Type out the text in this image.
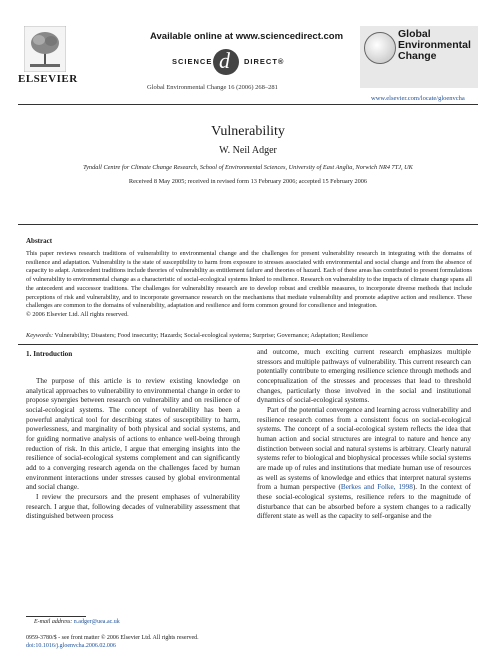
ELSEVIER
Available online at www.sciencedirect.com
SCIENCE d DIRECT®
Global Environmental Change 16 (2006) 268–281
Global
Environmental
Change
www.elsevier.com/locate/gloenvcha
Vulnerability
W. Neil Adger
Tyndall Centre for Climate Change Research, School of Environmental Sciences, University of East Anglia, Norwich NR4 7TJ, UK
Received 8 May 2005; received in revised form 13 February 2006; accepted 15 February 2006
Abstract
This paper reviews research traditions of vulnerability to environmental change and the challenges for present vulnerability research in integrating with the domains of resilience and adaptation. Vulnerability is the state of susceptibility to harm from exposure to stresses associated with environmental and social change and from the absence of capacity to adapt. Antecedent traditions include theories of vulnerability as entitlement failure and theories of hazard. Each of these areas has contributed to present formulations of vulnerability to environmental change as a characteristic of social-ecological systems linked to resilience. Research on vulnerability to the impacts of climate change spans all the antecedent and successor traditions. The challenges for vulnerability research are to develop robust and credible measures, to incorporate diverse methods that include perceptions of risk and vulnerability, and to incorporate governance research on the mechanisms that mediate vulnerability and promote adaptive action and resilience. These challenges are common to the domains of vulnerability, adaptation and resilience and form common ground for consilience and integration.
© 2006 Elsevier Ltd. All rights reserved.
Keywords: Vulnerability; Disasters; Food insecurity; Hazards; Social-ecological systems; Surprise; Governance; Adaptation; Resilience
1. Introduction

The purpose of this article is to review existing knowledge on analytical approaches to vulnerability to environmental change in order to propose synergies between research on vulnerability and on resilience of social-ecological systems. The concept of vulnerability has been a powerful analytical tool for describing states of susceptibility to harm, powerlessness, and marginality of both physical and social systems, and for guiding normative analysis of actions to enhance well-being through reduction of risk. In this article, I argue that emerging insights into the resilience of social-ecological systems complement and can significantly add to a converging research agenda on the challenges faced by human environment interactions under stresses caused by global environmental and social change.

I review the precursors and the present emphases of vulnerability research. I argue that, following decades of vulnerability assessment that distinguished between process

and outcome, much exciting current research emphasizes multiple stressors and multiple pathways of vulnerability. This current research can potentially contribute to emerging resilience science through methods and conceptualization of the stresses and processes that lead to threshold changes, particularly those involved in the social and institutional dynamics of social-ecological systems.

Part of the potential convergence and learning across vulnerability and resilience research comes from a consistent focus on social-ecological systems. The concept of a social-ecological system reflects the idea that human action and social structures are integral to nature and hence any distinction between social and natural systems is arbitrary. Clearly natural systems refer to biological and biophysical processes while social systems are made up of rules and institutions that mediate human use of resources as well as systems of knowledge and ethics that interpret natural systems from a human perspective (Berkes and Folke, 1998). In the context of these social-ecological systems, resilience refers to the magnitude of disturbance that can be absorbed before a system changes to a radically different state as well as the capacity to self-organise and the

E-mail address: n.adger@uea.ac.uk
0959-3780/$ - see front matter © 2006 Elsevier Ltd. All rights reserved.
doi:10.1016/j.gloenvcha.2006.02.006
